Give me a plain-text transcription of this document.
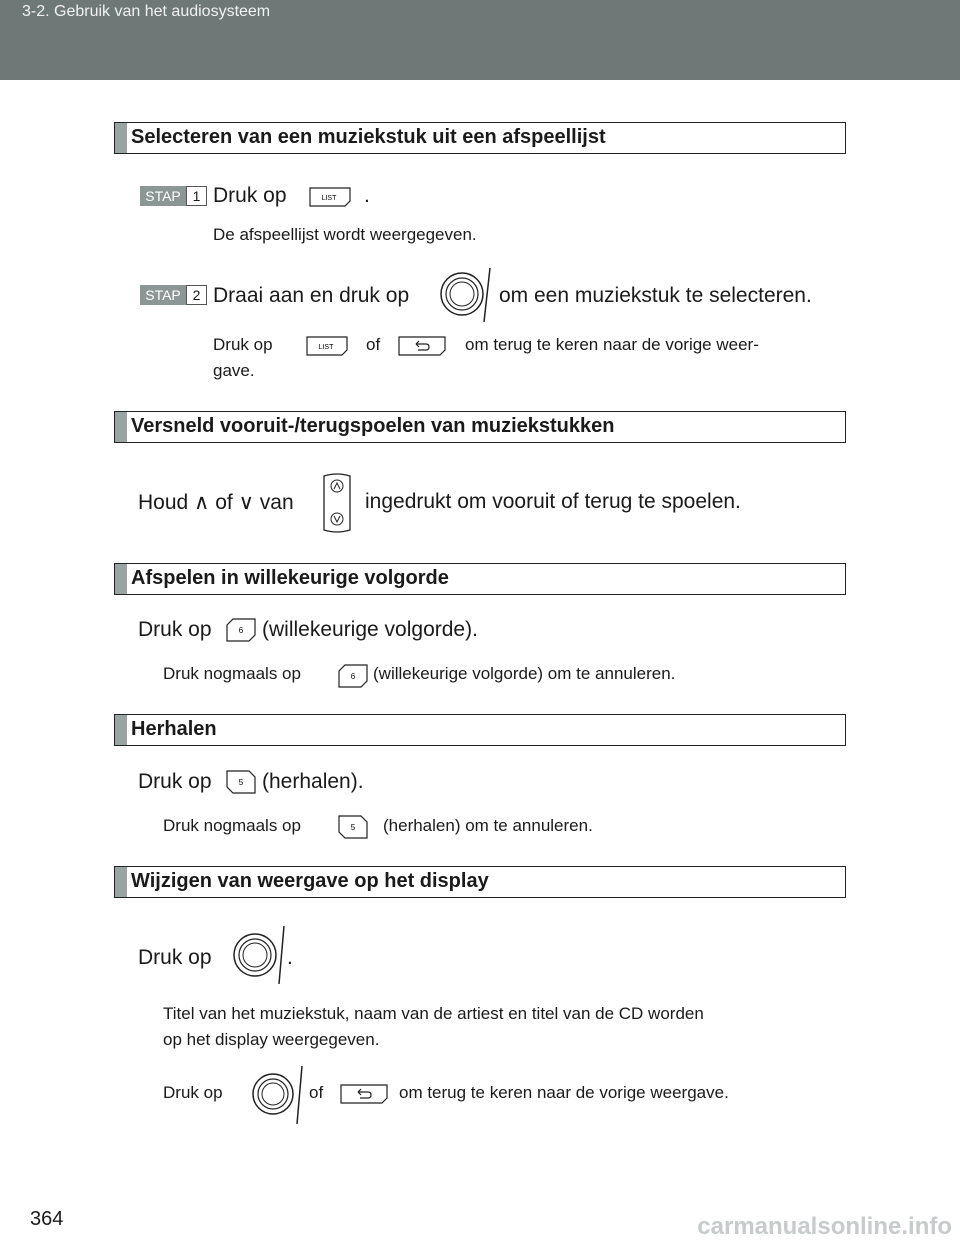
3-2. Gebruik van het audiosysteem
Selecteren van een muziekstuk uit een afspeellijst
STAP 1 Druk op	LIST .
De afspeellijst wordt weergegeven.
STAP 2 Draai aan en druk op	om een muziekstuk te selecteren.
Druk op	LIST of	om terug te keren naar de vorige weer-
gave.
Versneld vooruit-/terugspoelen van muziekstukken
Houd ∧ of ∨ van	ingedrukt om vooruit of terug te spoelen.
Afspelen in willekeurige volgorde
Druk op	6 (willekeurige volgorde).
Druk nogmaals op	6 (willekeurige volgorde) om te annuleren.
Herhalen
Druk op	5 (herhalen).
Druk nogmaals op	5 (herhalen) om te annuleren.
Wijzigen van weergave op het display
Druk op	.
Titel van het muziekstuk, naam van de artiest en titel van de CD worden
op het display weergegeven.
Druk op	of	om terug te keren naar de vorige weergave.
364	carmanualsonline.info
